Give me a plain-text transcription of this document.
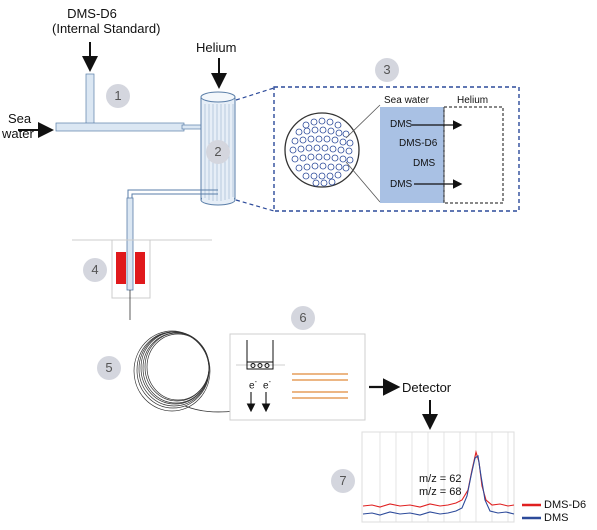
DMS-D6
(Internal Standard)
Sea
water
Helium
1
2
3
4
5
6
7
Sea water	Helium
DMS
DMS-D6
DMS
DMS
e- e-	Detector
m/z = 62
m/z = 68
DMS-D6
DMS
